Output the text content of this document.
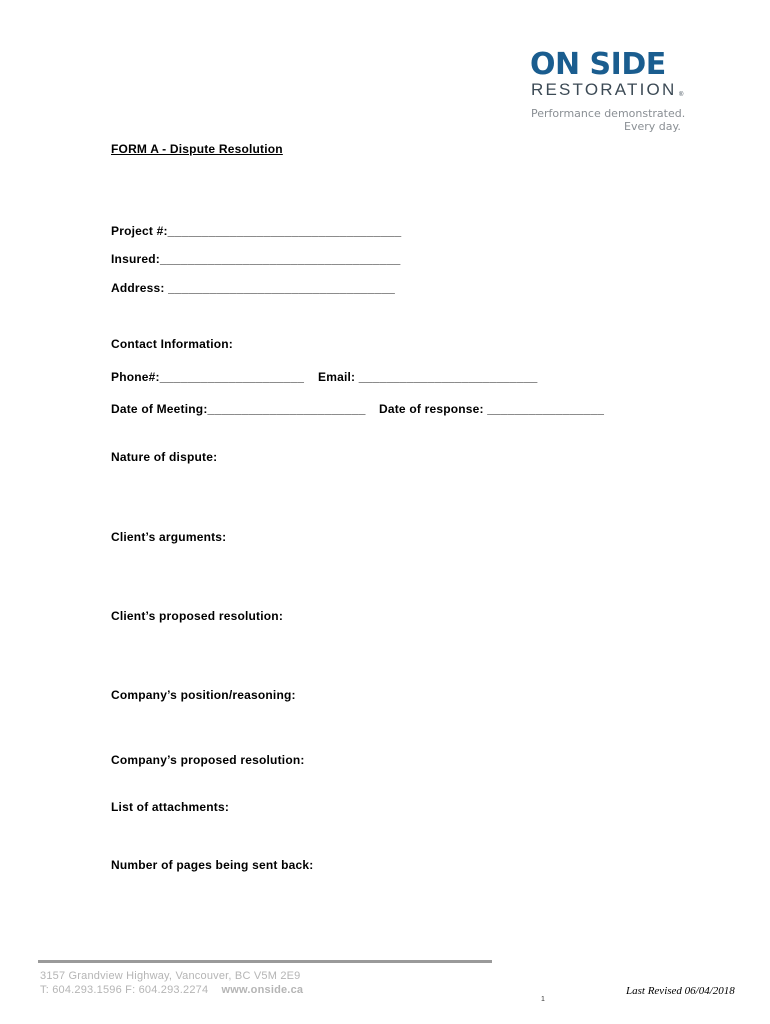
ON SIDE
RESTORATION ®
Performance demonstrated.
Every day.
FORM A - Dispute Resolution
Project #:__________________________________
Insured:___________________________________
Address: _________________________________
Contact Information:
Phone#:_____________________ Email: __________________________
Date of Meeting:_______________________ Date of response: _________________
Nature of dispute:
Client’s arguments:
Client’s proposed resolution:
Company’s position/reasoning:
Company’s proposed resolution:
List of attachments:
Number of pages being sent back:
3157 Grandview Highway, Vancouver, BC V5M 2E9
T: 604.293.1596 F: 604.293.2274 www.onside.ca	Last Revised 06/04/2018
1
